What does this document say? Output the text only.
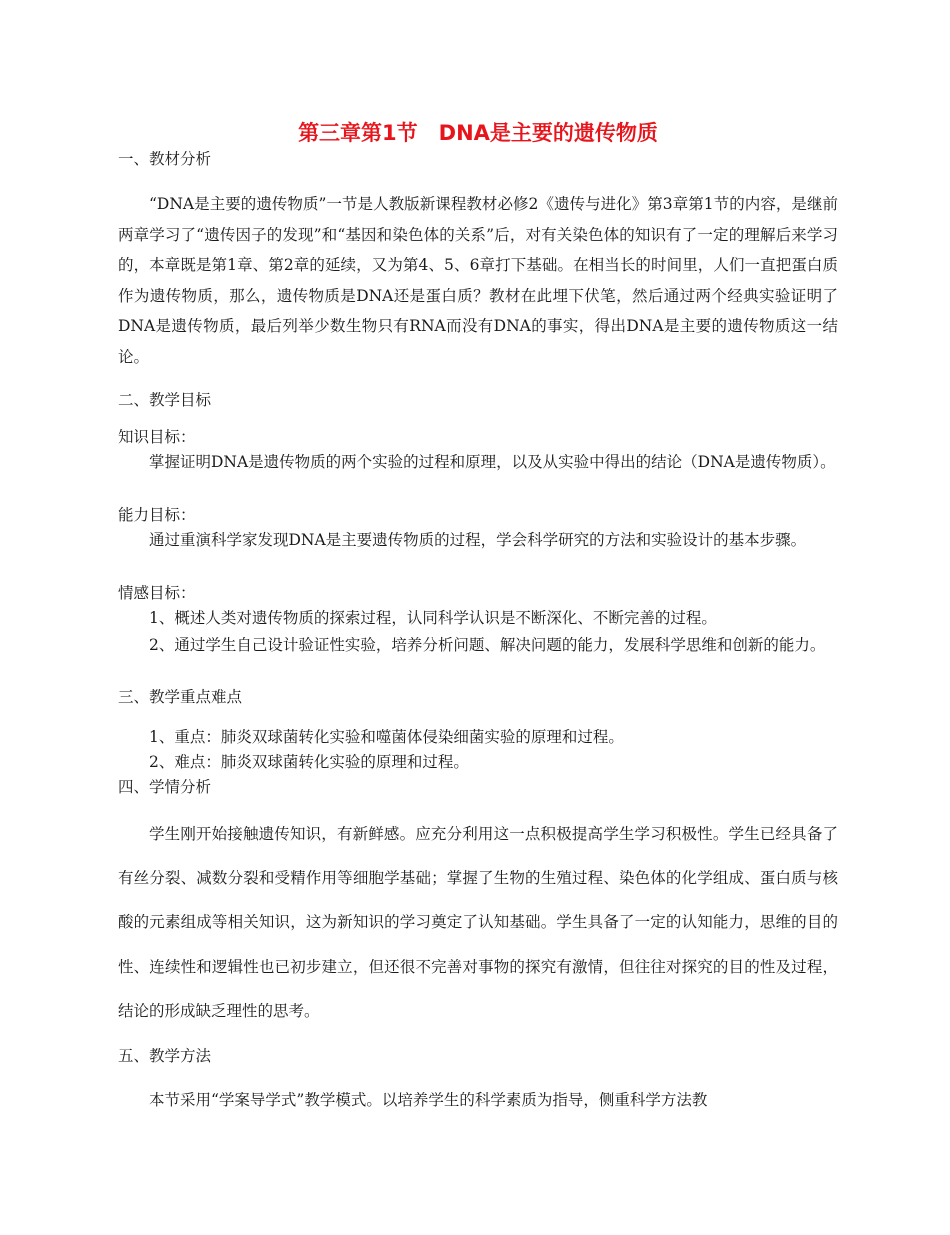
第三章第1节　DNA是主要的遗传物质
一、教材分析
“DNA是主要的遗传物质”一节是人教版新课程教材必修2《遗传与进化》第3章第1节的内容，是继前两章学习了“遗传因子的发现”和“基因和染色体的关系”后，对有关染色体的知识有了一定的理解后来学习的，本章既是第1章、第2章的延续，又为第4、5、6章打下基础。在相当长的时间里，人们一直把蛋白质作为遗传物质，那么，遗传物质是DNA还是蛋白质？教材在此埋下伏笔，然后通过两个经典实验证明了DNA是遗传物质，最后列举少数生物只有RNA而没有DNA的事实，得出DNA是主要的遗传物质这一结论。
二、教学目标
知识目标：
掌握证明DNA是遗传物质的两个实验的过程和原理，以及从实验中得出的结论（DNA是遗传物质）。
能力目标：
通过重演科学家发现DNA是主要遗传物质的过程，学会科学研究的方法和实验设计的基本步骤。
情感目标：
1、概述人类对遗传物质的探索过程，认同科学认识是不断深化、不断完善的过程。
2、通过学生自己设计验证性实验，培养分析问题、解决问题的能力，发展科学思维和创新的能力。
三、教学重点难点
1、重点：肺炎双球菌转化实验和噬菌体侵染细菌实验的原理和过程。
2、难点：肺炎双球菌转化实验的原理和过程。
四、学情分析
学生刚开始接触遗传知识，有新鲜感。应充分利用这一点积极提高学生学习积极性。学生已经具备了有丝分裂、减数分裂和受精作用等细胞学基础；掌握了生物的生殖过程、染色体的化学组成、蛋白质与核酸的元素组成等相关知识，这为新知识的学习奠定了认知基础。学生具备了一定的认知能力，思维的目的性、连续性和逻辑性也已初步建立，但还很不完善对事物的探究有激情，但往往对探究的目的性及过程，结论的形成缺乏理性的思考。
五、教学方法
本节采用“学案导学式”教学模式。以培养学生的科学素质为指导，侧重科学方法教
